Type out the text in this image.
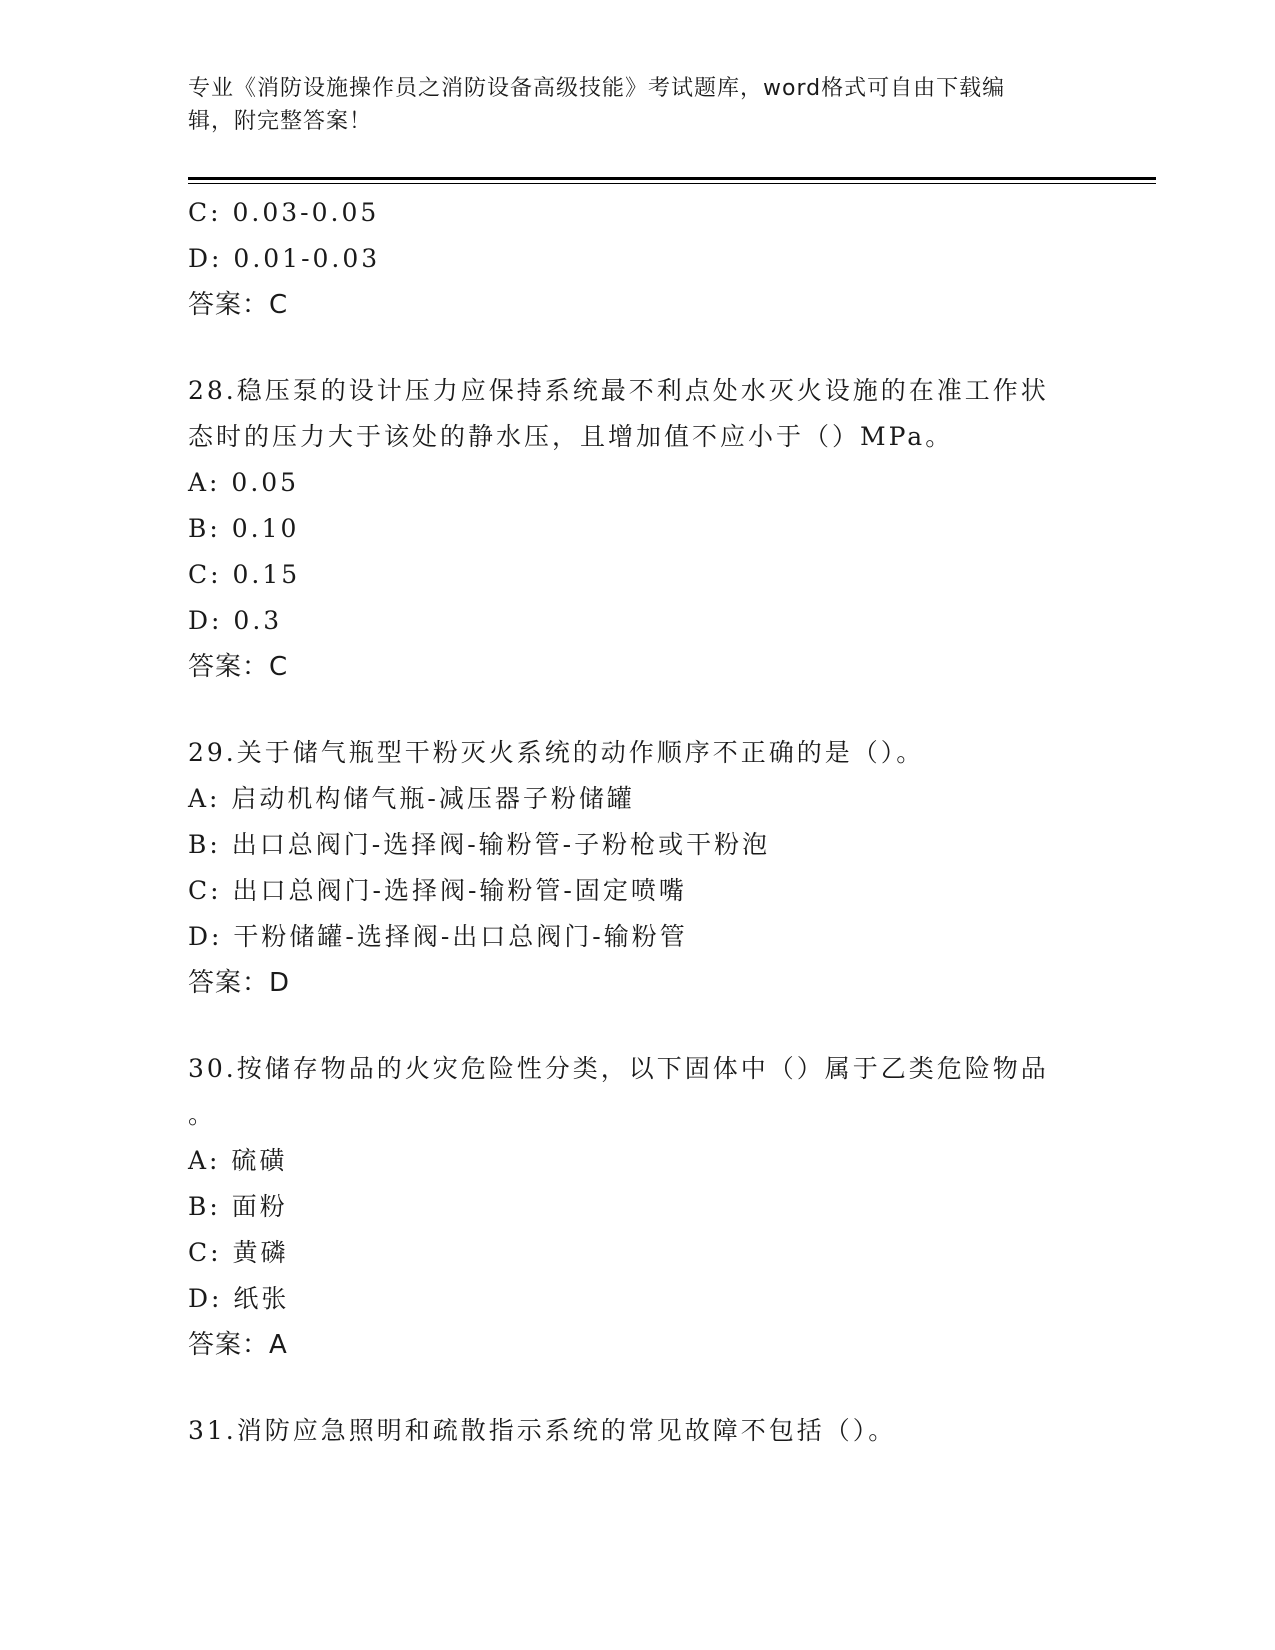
专业《消防设施操作员之消防设备高级技能》考试题库，word格式可自由下载编
辑，附完整答案！
C: 0.03-0.05
D: 0.01-0.03
答案：C
28.稳压泵的设计压力应保持系统最不利点处水灭火设施的在准工作状
态时的压力大于该处的静水压，且增加值不应小于（）MPa。
A: 0.05
B: 0.10
C: 0.15
D: 0.3
答案：C
29.关于储气瓶型干粉灭火系统的动作顺序不正确的是（）。
A: 启动机构储气瓶-减压器子粉储罐
B: 出口总阀门-选择阀-输粉管-子粉枪或干粉泡
C: 出口总阀门-选择阀-输粉管-固定喷嘴
D: 干粉储罐-选择阀-出口总阀门-输粉管
答案：D
30.按储存物品的火灾危险性分类，以下固体中（）属于乙类危险物品
。
A: 硫磺
B: 面粉
C: 黄磷
D: 纸张
答案：A
31.消防应急照明和疏散指示系统的常见故障不包括（）。
